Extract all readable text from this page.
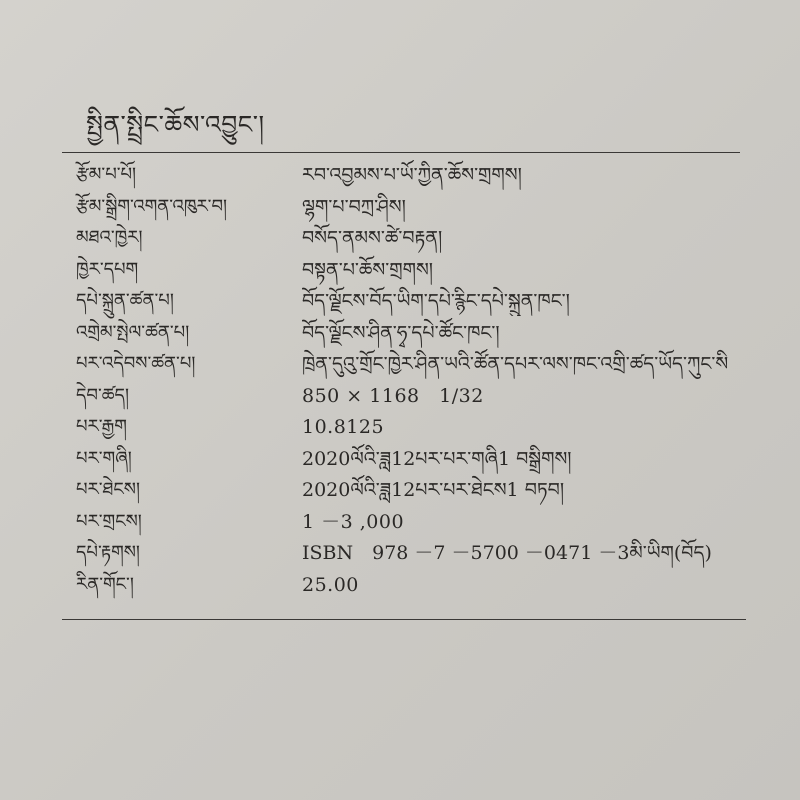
སྤྱིན་སྤྲིང་ཆོས་འབྱུང་།
རྩོམ་པ་པོ།	རབ་འབྱམས་པ་ཡོ་ཀྱིན་ཆོས་གྲགས།
རྩོམ་སྒྲིག་འགན་འཁུར་བ།	ལྷག་པ་བཀྲ་ཤིས།
མཐའ་ཁྱེར།	བསོད་ནམས་ཚེ་བརྟན།
ཁྱེར་དཔག	བསྟན་པ་ཆོས་གྲགས།
དཔེ་སྐྲུན་ཚན་པ།	བོད་ལྗོངས་བོད་ཡིག་དཔེ་རྙིང་དཔེ་སྐྲུན་ཁང་།
འགྲེམ་སྤེལ་ཚན་པ།	བོད་ལྗོངས་ཤིན་ཧྭ་དཔེ་ཚོང་ཁང་།
པར་འདེབས་ཚན་པ།	ཁྲེན་དུའུ་གྲོང་ཁྱེར་ཤིན་ཡའི་ཚོན་དཔར་ལས་ཁང་འགྲི་ཚད་ཡོད་ཀུང་སི
དེབ་ཚད།	850 × 1168　1/32
པར་རྒྱག	10.8125
པར་གཞི།	2020ལོའི་ཟླ12པར་པར་གཞི1 བསྒྲིགས།
པར་ཐེངས།	2020ལོའི་ཟླ12པར་པར་ཐེངས1 བཏབ།
པར་གྲངས།	1 －3 ,000
དཔེ་རྟགས།	ISBN　978 －7 －5700 －0471 －3མི་ཡིག(བོད)
རིན་གོང་།	25.00
